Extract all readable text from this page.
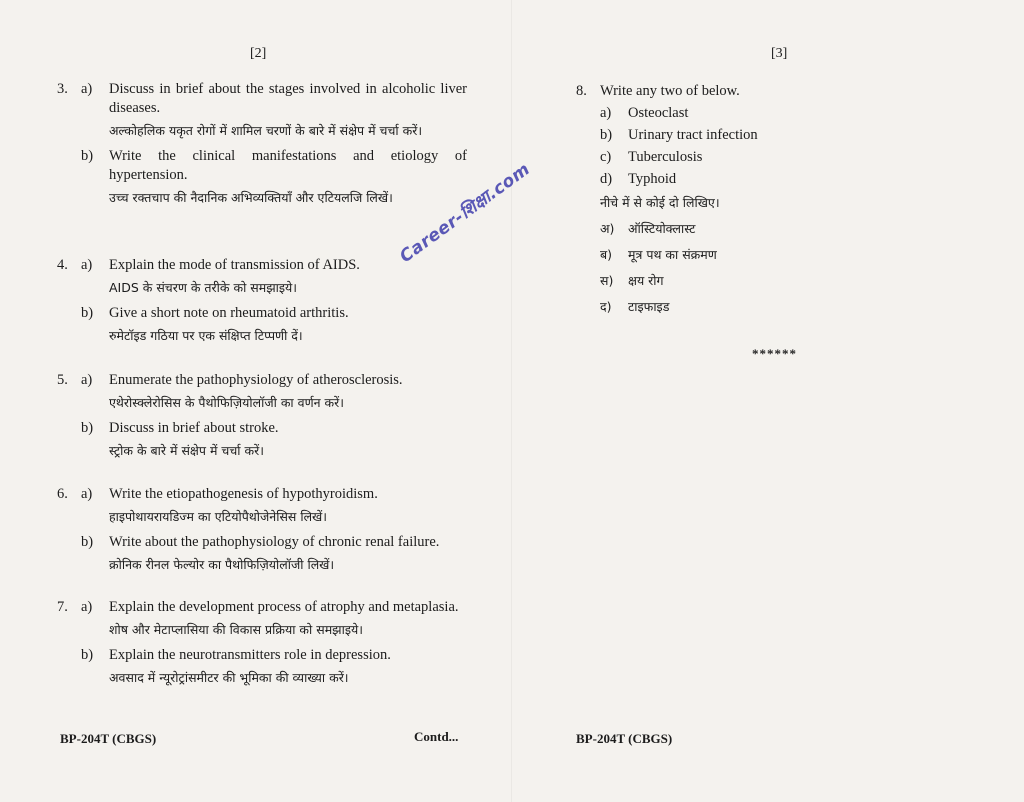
[2]
3. a)	Discuss in brief about the stages involved in alcoholic liver diseases.
अल्कोहलिक यकृत रोगों में शामिल चरणों के बारे में संक्षेप में चर्चा करें।
b)	Write the clinical manifestations and etiology of hypertension.
उच्च रक्तचाप की नैदानिक अभिव्यक्तियाँ और एटियलजि लिखें।
4. a)	Explain the mode of transmission of AIDS.
AIDS के संचरण के तरीके को समझाइये।
b)	Give a short note on rheumatoid arthritis.
रुमेटॉइड गठिया पर एक संक्षिप्त टिप्पणी दें।
5. a)	Enumerate the pathophysiology of atherosclerosis.
एथेरोस्क्लेरोसिस के पैथोफिज़ियोलॉजी का वर्णन करें।
b)	Discuss in brief about stroke.
स्ट्रोक के बारे में संक्षेप में चर्चा करें।
6. a)	Write the etiopathogenesis of hypothyroidism.
हाइपोथायरायडिज्म का एटियोपैथोजेनेसिस लिखें।
b)	Write about the pathophysiology of chronic renal failure.
क्रोनिक रीनल फेल्योर का पैथोफिज़ियोलॉजी लिखें।
7. a)	Explain the development process of atrophy and metaplasia.
शोष और मेटाप्लासिया की विकास प्रक्रिया को समझाइये।
b)	Explain the neurotransmitters role in depression.
अवसाद में न्यूरोट्रांसमीटर की भूमिका की व्याख्या करें।
Career-शिक्षा.com
BP-204T (CBGS)	Contd...
[3]
8. Write any two of below.
a)	Osteoclast
b)	Urinary tract infection
c)	Tuberculosis
d)	Typhoid
नीचे में से कोई दो लिखिए।
अ)	ऑस्टियोक्लास्ट
ब)	मूत्र पथ का संक्रमण
स)	क्षय रोग
द)	टाइफाइड
******
BP-204T (CBGS)
